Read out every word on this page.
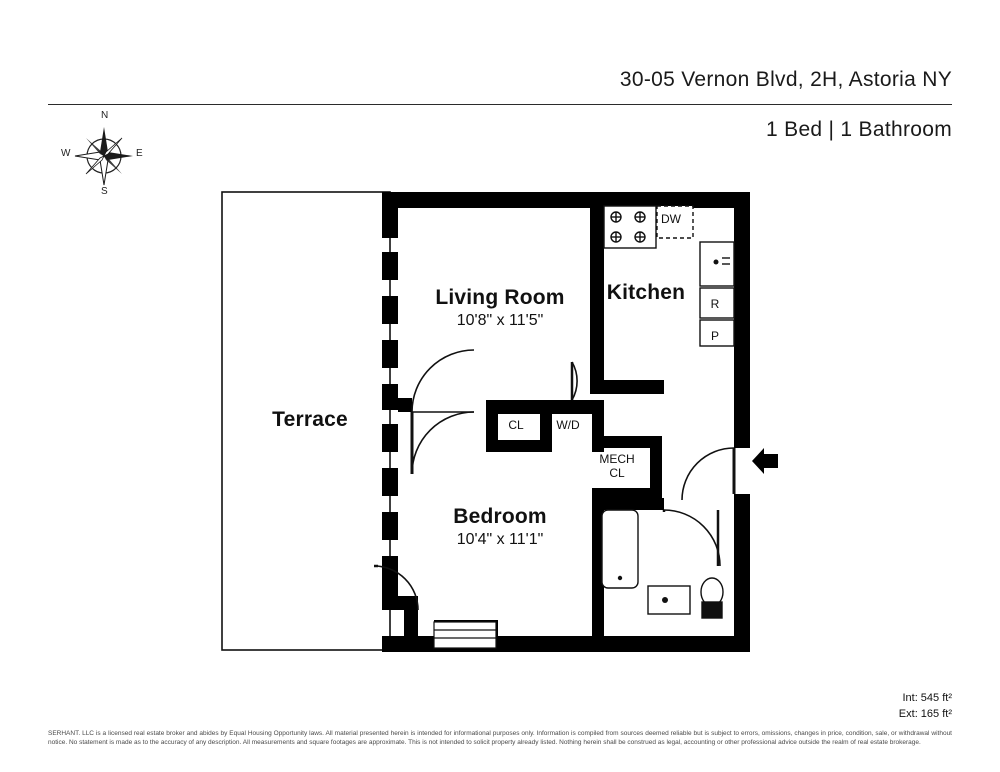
30-05 Vernon Blvd, 2H, Astoria NY
1 Bed | 1 Bathroom
N
S
E
W
Terrace
Living Room
10'8" x 11'5"
Kitchen
Bedroom
10'4" x 11'1"
CL	W/D
MECH
CL
DW
R
P
Int: 545 ft²
Ext: 165 ft²
SERHANT. LLC is a licensed real estate broker and abides by Equal Housing Opportunity laws. All material presented herein is intended for informational purposes only. Information is compiled from sources deemed reliable but is subject to errors, omissions, changes in price, condition, sale, or withdrawal without notice. No statement is made as to the accuracy of any description. All measurements and square footages are approximate. This is not intended to solicit property already listed. Nothing herein shall be construed as legal, accounting or other professional advice outside the realm of real estate brokerage.
